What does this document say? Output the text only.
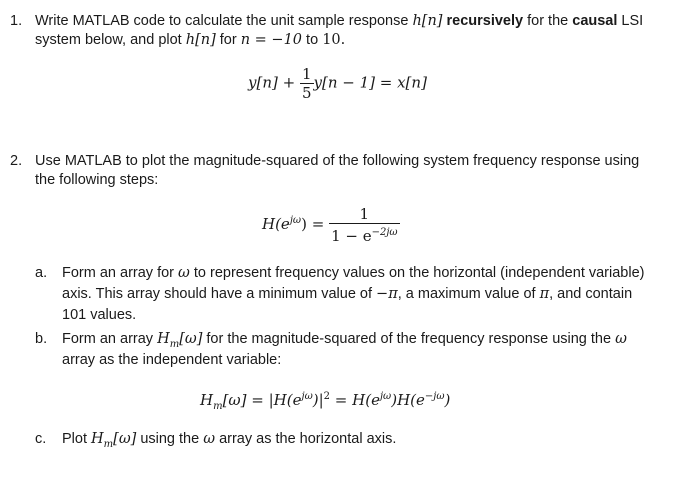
1. Write MATLAB code to calculate the unit sample response h[n] recursively for the causal LSI
system below, and plot h[n] for n = −10 to 10.
$y[n] + \frac{1}{5} y[n - 1] = x[n]$
2. Use MATLAB to plot the magnitude-squared of the following system frequency response using
the following steps:
$H(e^{j\omega}) = \frac{1}{1 - e^{-2j\omega}}$
a. Form an array for ω to represent frequency values on the horizontal (independent variable)
axis. This array should have a minimum value of −π, a maximum value of π, and contain
101 values.
b. Form an array $H_m[\omega]$ for the magnitude-squared of the frequency response using the ω
array as the independent variable:
$H_m[\omega] = |H(e^{j\omega})|^2 = H(e^{j\omega})H(e^{-j\omega})$
c. Plot $H_m[\omega]$ using the ω array as the horizontal axis.
